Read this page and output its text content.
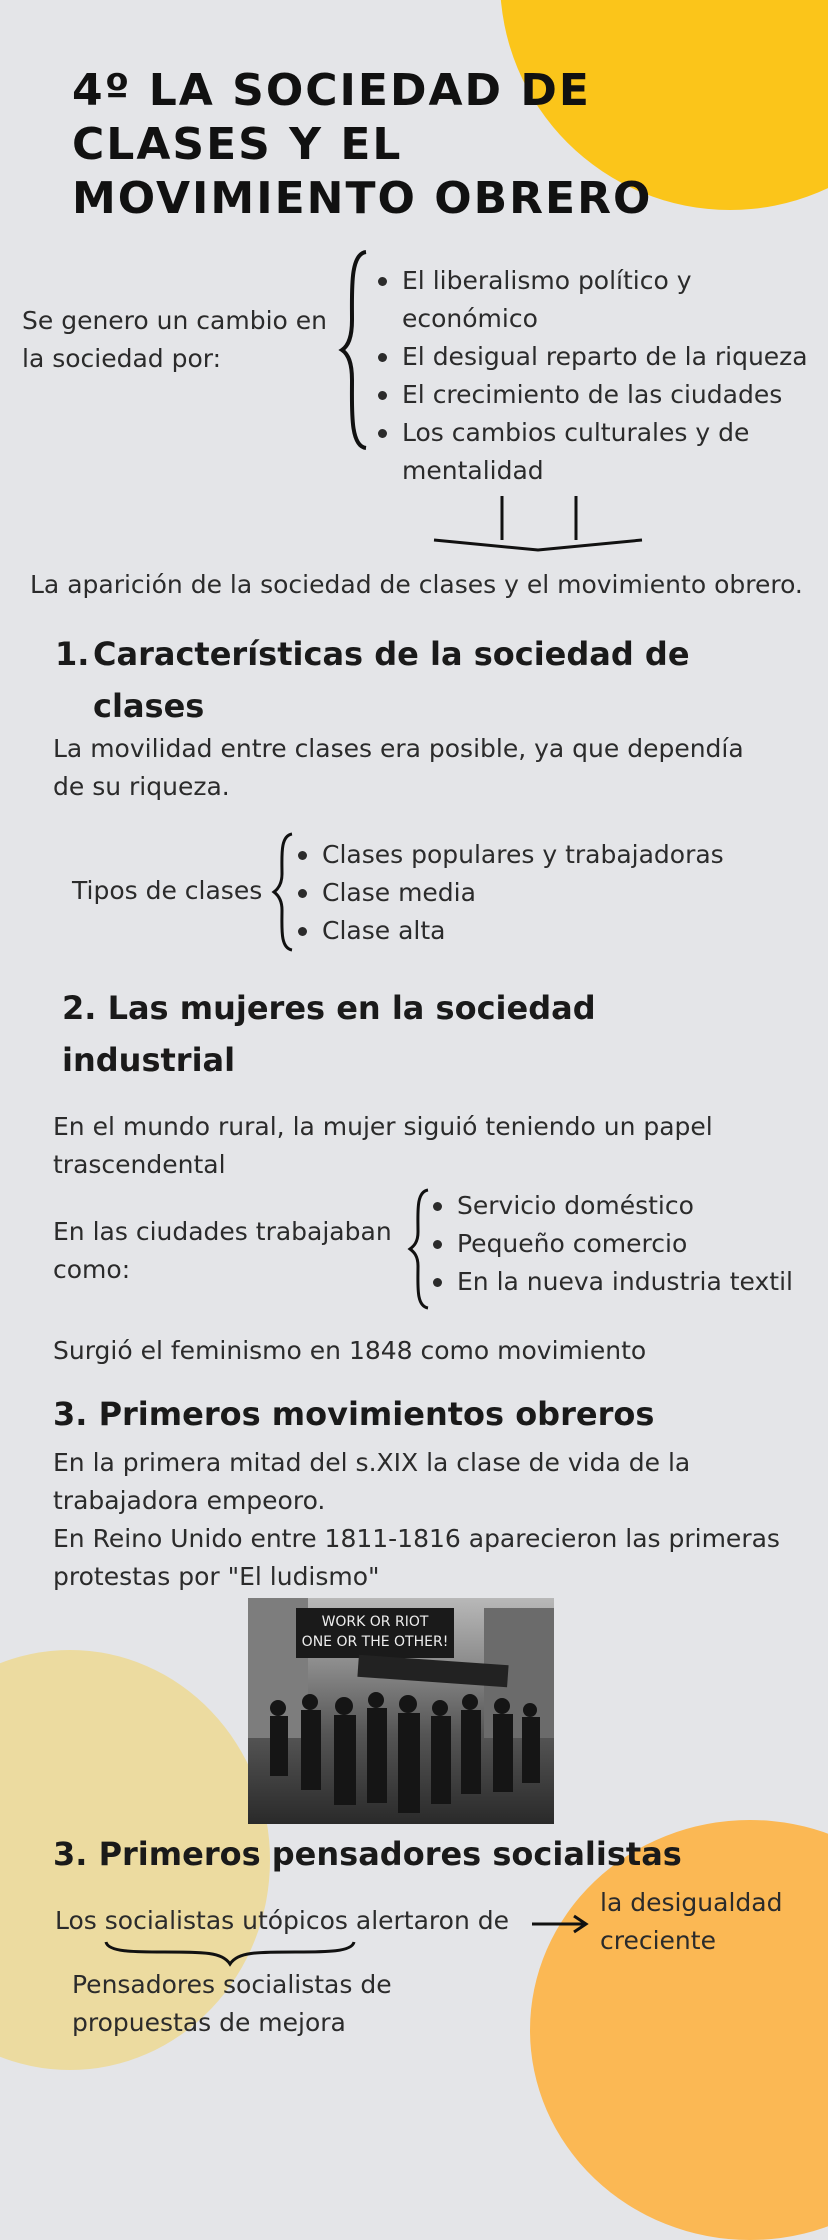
4º LA SOCIEDAD DE
CLASES Y EL
MOVIMIENTO OBRERO
Se genero un cambio en
la sociedad por:
El liberalismo político y
económico
El desigual reparto de la riqueza
El crecimiento de las ciudades
Los cambios culturales y de
mentalidad
La aparición de la sociedad de clases y el movimiento obrero.
1. Características de la sociedad de
clases
La movilidad entre clases era posible, ya que dependía
de su riqueza.
Tipos de clases
Clases populares y trabajadoras
Clase media
Clase alta
2. Las mujeres en la sociedad
industrial
En el mundo rural, la mujer siguió teniendo un papel
trascendental
En las ciudades trabajaban
como:
Servicio doméstico
Pequeño comercio
En la nueva industria textil
Surgió el feminismo en 1848 como movimiento
3. Primeros movimientos obreros
En la primera mitad del s.XIX la clase de vida de la
trabajadora empeoro.
En Reino Unido entre 1811-1816 aparecieron las primeras
protestas por "El ludismo"
WORK OR RIOT
ONE OR THE OTHER!
3. Primeros pensadores socialistas
Los socialistas utópicos alertaron de
la desigualdad
creciente
Pensadores socialistas de
propuestas de mejora
